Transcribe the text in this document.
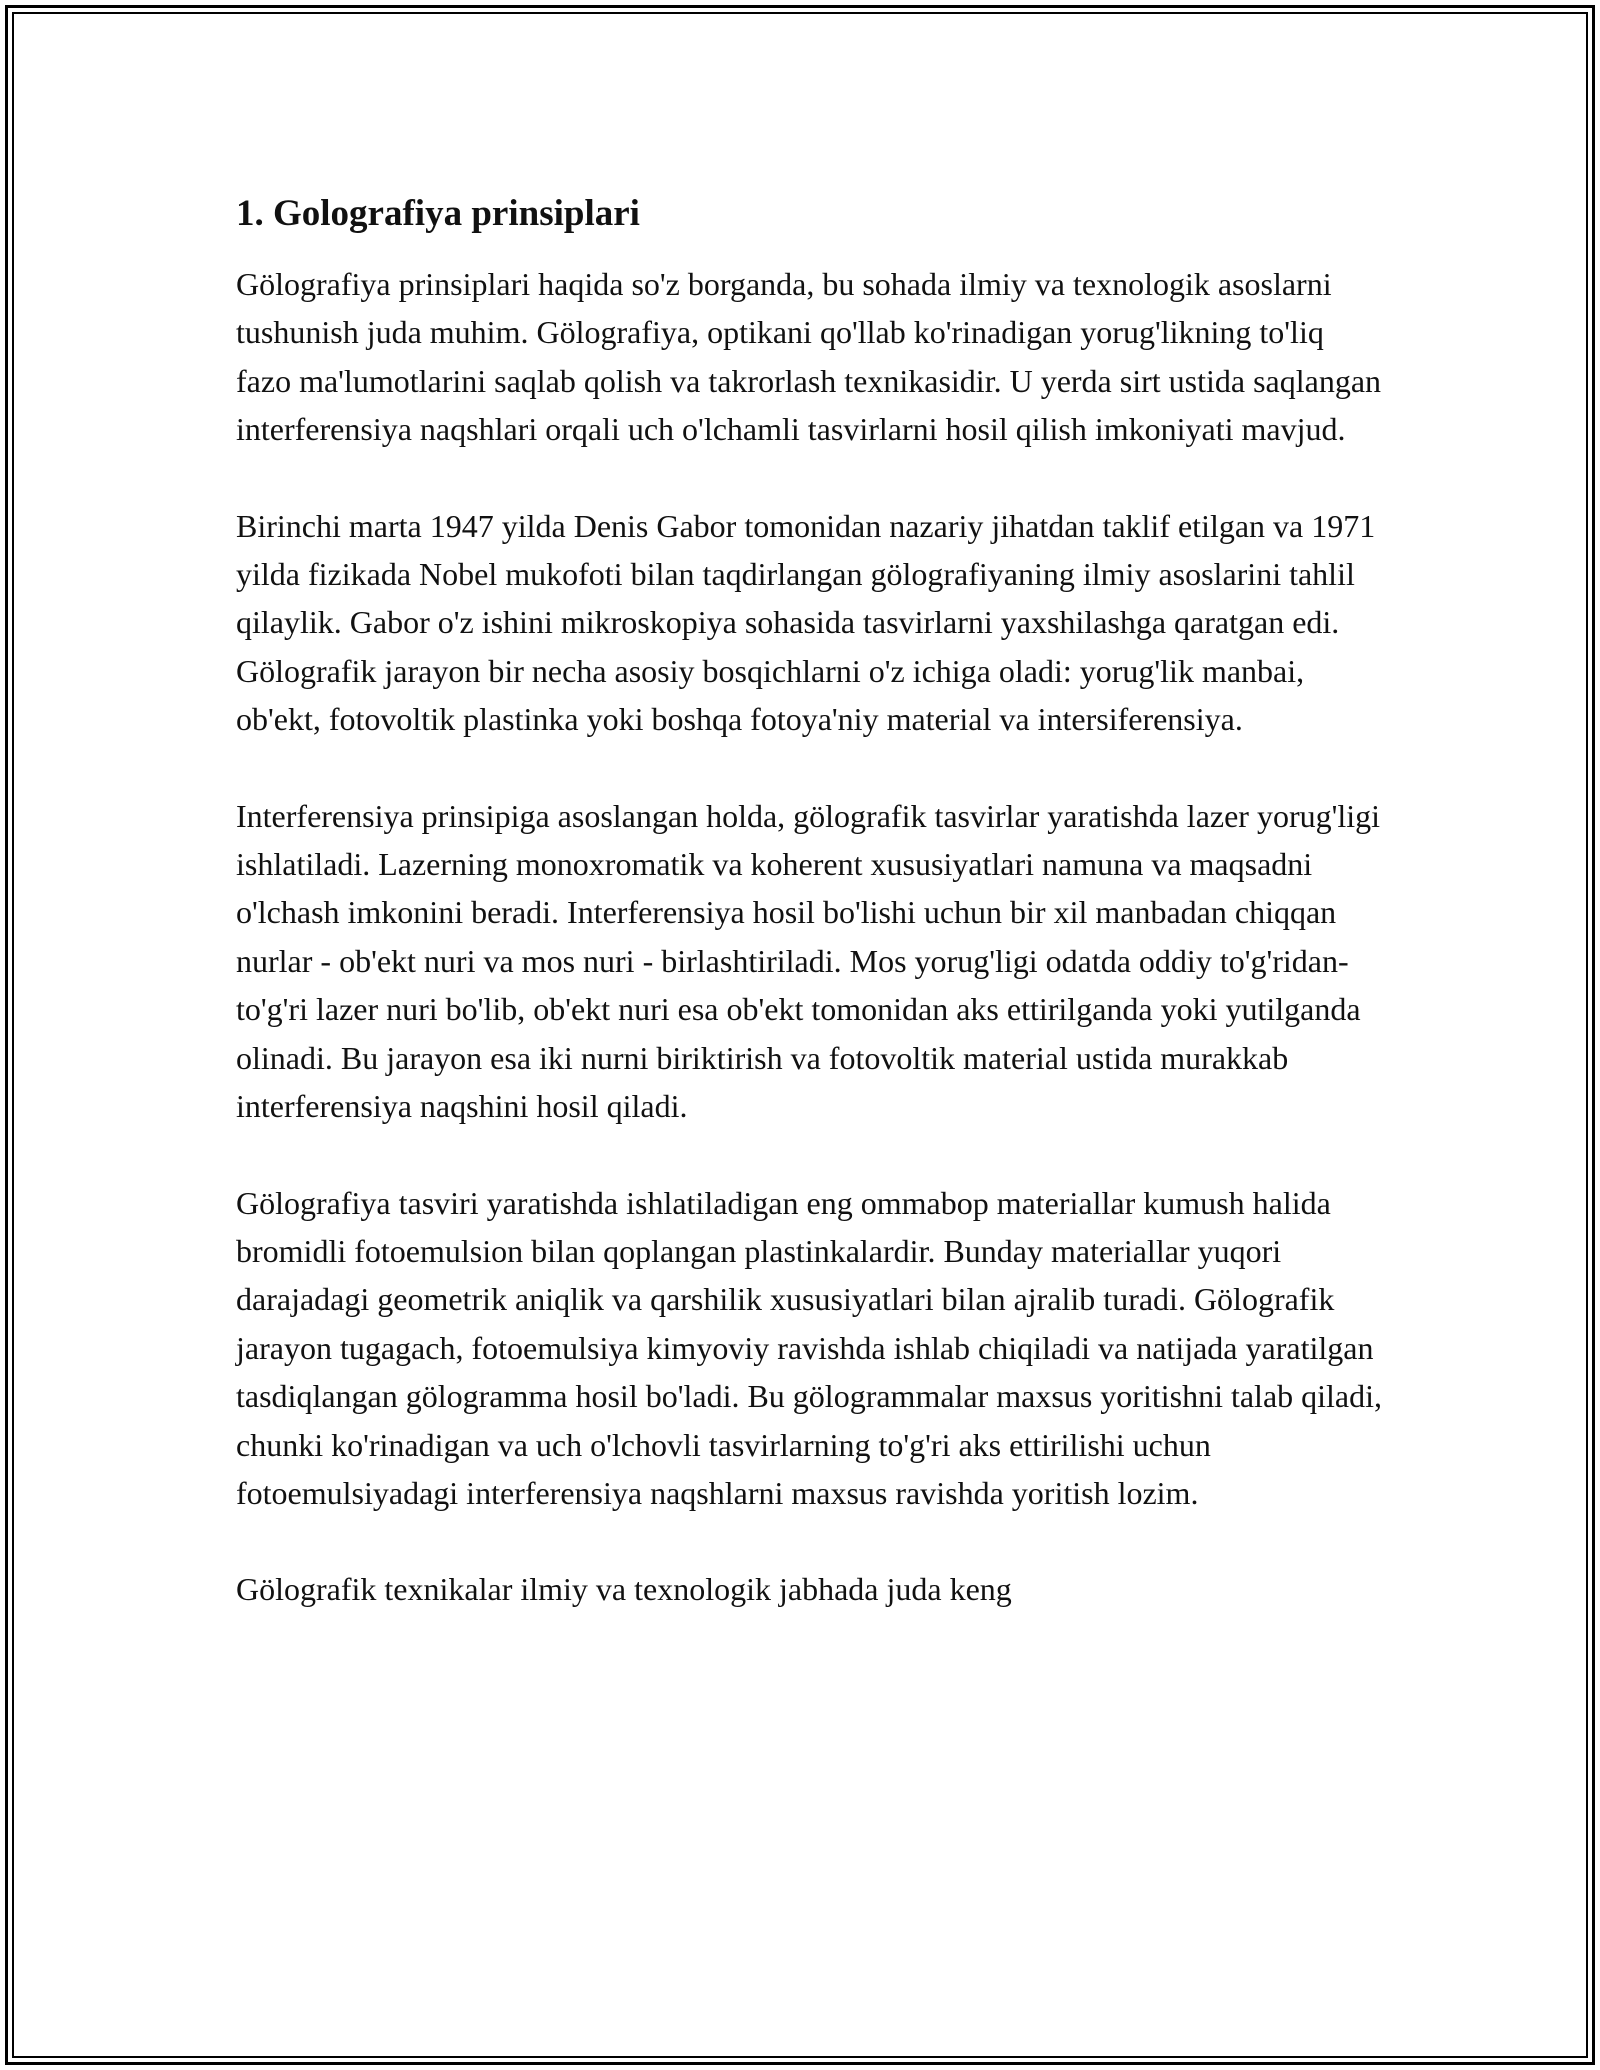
1. Golografiya prinsiplari

Gölografiya prinsiplari haqida so'z borganda, bu sohada ilmiy va texnologik asoslarni tushunish juda muhim. Gölografiya, optikani qo'llab ko'rinadigan yorug'likning to'liq fazo ma'lumotlarini saqlab qolish va takrorlash texnikasidir. U yerda sirt ustida saqlangan interferensiya naqshlari orqali uch o'lchamli tasvirlarni hosil qilish imkoniyati mavjud.

Birinchi marta 1947 yilda Denis Gabor tomonidan nazariy jihatdan taklif etilgan va 1971 yilda fizikada Nobel mukofoti bilan taqdirlangan gölografiyaning ilmiy asoslarini tahlil qilaylik. Gabor o'z ishini mikroskopiya sohasida tasvirlarni yaxshilashga qaratgan edi. Gölografik jarayon bir necha asosiy bosqichlarni o'z ichiga oladi: yorug'lik manbai, ob'ekt, fotovoltik plastinka yoki boshqa fotoya'niy material va intersiferensiya.

Interferensiya prinsipiga asoslangan holda, gölografik tasvirlar yaratishda lazer yorug'ligi ishlatiladi. Lazerning monoxromatik va koherent xususiyatlari namuna va maqsadni o'lchash imkonini beradi. Interferensiya hosil bo'lishi uchun bir xil manbadan chiqqan nurlar - ob'ekt nuri va mos nuri - birlashtiriladi. Mos yorug'ligi odatda oddiy to'g'ridan-to'g'ri lazer nuri bo'lib, ob'ekt nuri esa ob'ekt tomonidan aks ettirilganda yoki yutilganda olinadi. Bu jarayon esa iki nurni biriktirish va fotovoltik material ustida murakkab interferensiya naqshini hosil qiladi.

Gölografiya tasviri yaratishda ishlatiladigan eng ommabop materiallar kumush halida bromidli fotoemulsion bilan qoplangan plastinkalardir. Bunday materiallar yuqori darajadagi geometrik aniqlik va qarshilik xususiyatlari bilan ajralib turadi. Gölografik jarayon tugagach, fotoemulsiya kimyoviy ravishda ishlab chiqiladi va natijada yaratilgan tasdiqlangan gölogramma hosil bo'ladi. Bu gölogrammalar maxsus yoritishni talab qiladi, chunki ko'rinadigan va uch o'lchovli tasvirlarning to'g'ri aks ettirilishi uchun fotoemulsiyadagi interferensiya naqshlarni maxsus ravishda yoritish lozim.

Gölografik texnikalar ilmiy va texnologik jabhada juda keng
